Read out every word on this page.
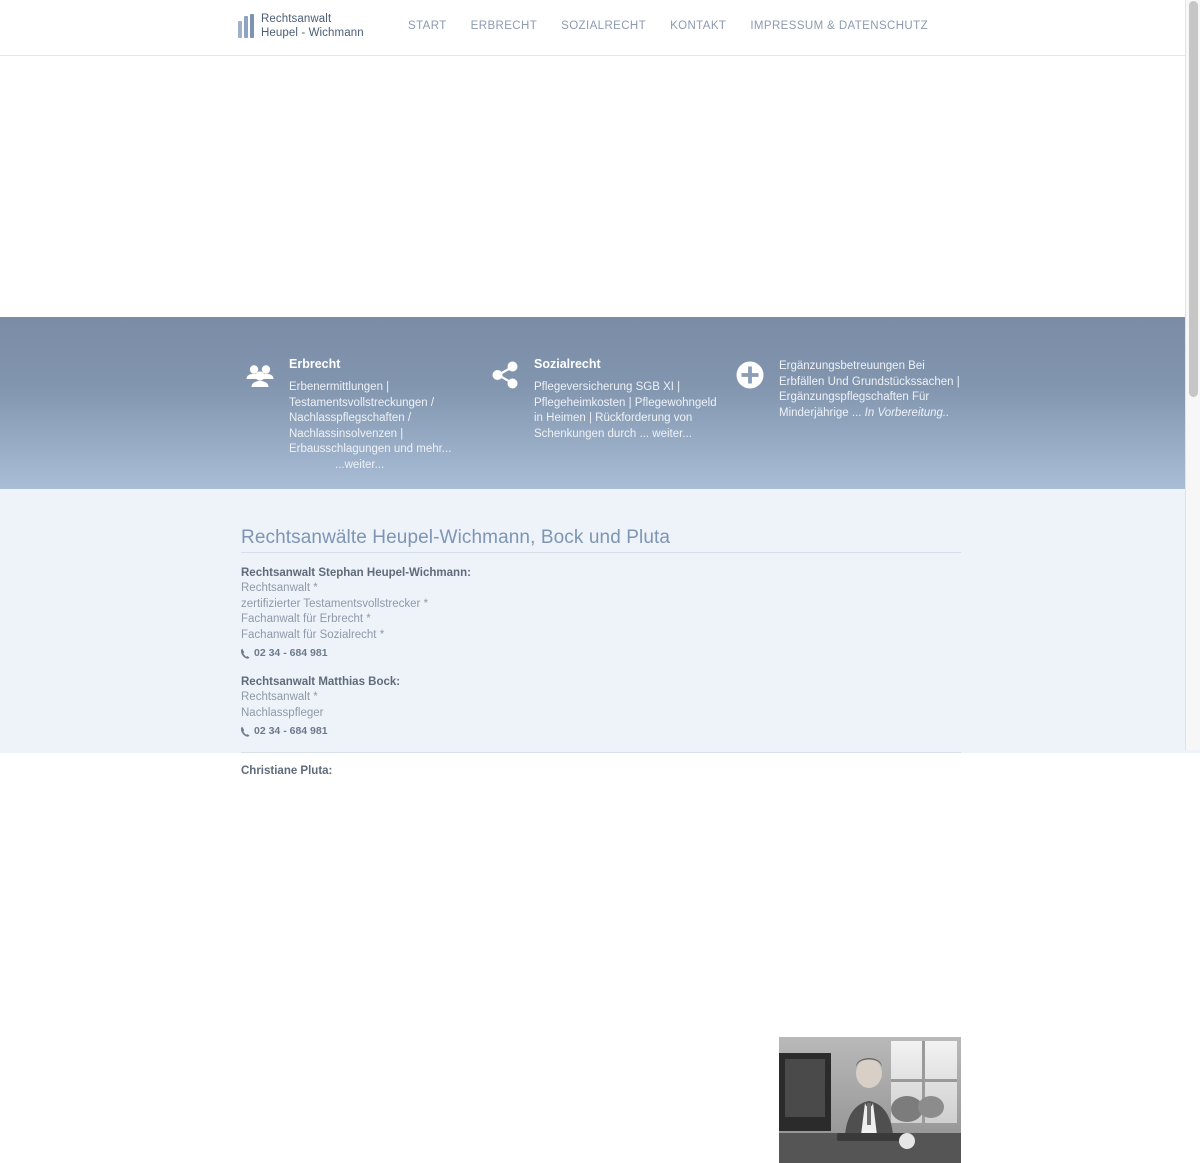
Rechtsanwalt
Heupel - Wichmann
START	ERBRECHT	SOZIALRECHT	KONTAKT	IMPRESSUM & DATENSCHUTZ
Erbrecht
Erbenermittlungen | Testamentsvollstreckungen / Nachlasspflegschaften / Nachlassinsolvenzen | Erbausschlagungen und mehr...
...weiter...
Sozialrecht
Pflegeversicherung SGB XI | Pflegeheimkosten | Pflegewohngeld in Heimen | Rückforderung von Schenkungen durch ... weiter...
Ergänzungsbetreuungen Bei Erbfällen Und Grundstückssachen | Ergänzungspflegschaften Für Minderjährige ... In Vorbereitung..
Rechtsanwälte Heupel-Wichmann, Bock und Pluta
Rechtsanwalt Stephan Heupel-Wichmann:
Rechtsanwalt *
zertifizierter Testamentsvollstrecker *
Fachanwalt für Erbrecht *
Fachanwalt für Sozialrecht *
02 34 - 684 981
Rechtsanwalt Matthias Bock:
Rechtsanwalt *
Nachlasspfleger
02 34 - 684 981
Christiane Pluta:
